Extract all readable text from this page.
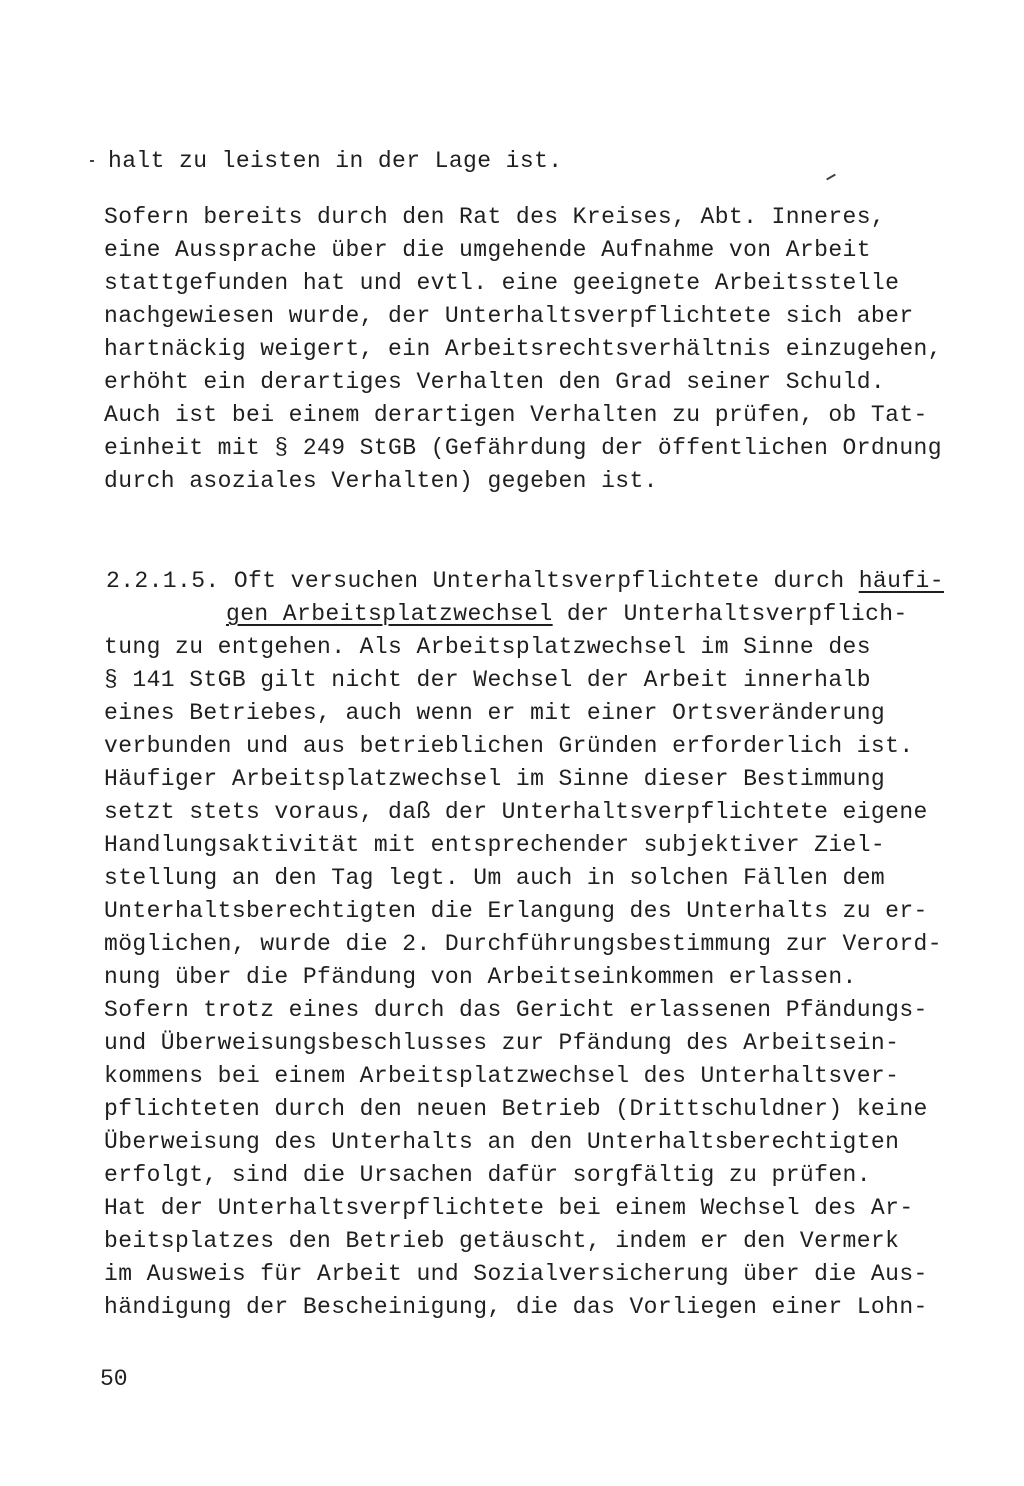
halt zu leisten in der Lage ist.
Sofern bereits durch den Rat des Kreises, Abt. Inneres,
eine Aussprache über die umgehende Aufnahme von Arbeit
stattgefunden hat und evtl. eine geeignete Arbeitsstelle
nachgewiesen wurde, der Unterhaltsverpflichtete sich aber
hartnäckig weigert, ein Arbeitsrechtsverhältnis einzugehen,
erhöht ein derartiges Verhalten den Grad seiner Schuld.
Auch ist bei einem derartigen Verhalten zu prüfen, ob Tat-
einheit mit § 249 StGB (Gefährdung der öffentlichen Ordnung
durch asoziales Verhalten) gegeben ist.
2.2.1.5. Oft versuchen Unterhaltsverpflichtete durch häufi-
gen Arbeitsplatzwechsel der Unterhaltsverpflich-
tung zu entgehen. Als Arbeitsplatzwechsel im Sinne des
§ 141 StGB gilt nicht der Wechsel der Arbeit innerhalb
eines Betriebes, auch wenn er mit einer Ortsveränderung
verbunden und aus betrieblichen Gründen erforderlich ist.
Häufiger Arbeitsplatzwechsel im Sinne dieser Bestimmung
setzt stets voraus, daß der Unterhaltsverpflichtete eigene
Handlungsaktivität mit entsprechender subjektiver Ziel-
stellung an den Tag legt. Um auch in solchen Fällen dem
Unterhaltsberechtigten die Erlangung des Unterhalts zu er-
möglichen, wurde die 2. Durchführungsbestimmung zur Verord-
nung über die Pfändung von Arbeitseinkommen erlassen.
Sofern trotz eines durch das Gericht erlassenen Pfändungs-
und Überweisungsbeschlusses zur Pfändung des Arbeitsein-
kommens bei einem Arbeitsplatzwechsel des Unterhaltsver-
pflichteten durch den neuen Betrieb (Drittschuldner) keine
Überweisung des Unterhalts an den Unterhaltsberechtigten
erfolgt, sind die Ursachen dafür sorgfältig zu prüfen.
Hat der Unterhaltsverpflichtete bei einem Wechsel des Ar-
beitsplatzes den Betrieb getäuscht, indem er den Vermerk
im Ausweis für Arbeit und Sozialversicherung über die Aus-
händigung der Bescheinigung, die das Vorliegen einer Lohn-
50
